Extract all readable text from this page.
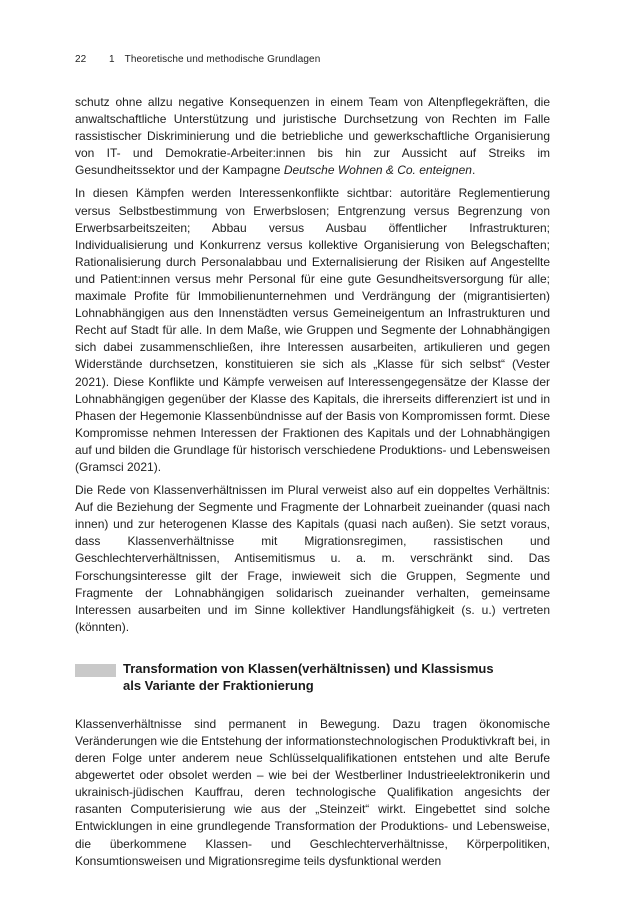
22	1 Theoretische und methodische Grundlagen

schutz ohne allzu negative Konsequenzen in einem Team von Altenpflegekräften, die anwaltschaftliche Unterstützung und juristische Durchsetzung von Rechten im Falle rassistischer Diskriminierung und die betriebliche und gewerkschaftliche Organisierung von IT- und Demokratie-Arbeiter:innen bis hin zur Aussicht auf Streiks im Gesundheitssektor und der Kampagne Deutsche Wohnen & Co. enteignen.

In diesen Kämpfen werden Interessenkonflikte sichtbar: autoritäre Reglementierung versus Selbstbestimmung von Erwerbslosen; Entgrenzung versus Begrenzung von Erwerbsarbeitszeiten; Abbau versus Ausbau öffentlicher Infrastrukturen; Individualisierung und Konkurrenz versus kollektive Organisierung von Belegschaften; Rationalisierung durch Personalabbau und Externalisierung der Risiken auf Angestellte und Patient:innen versus mehr Personal für eine gute Gesundheitsversorgung für alle; maximale Profite für Immobilienunternehmen und Verdrängung der (migrantisierten) Lohnabhängigen aus den Innenstädten versus Gemeineigentum an Infrastrukturen und Recht auf Stadt für alle. In dem Maße, wie Gruppen und Segmente der Lohnabhängigen sich dabei zusammenschließen, ihre Interessen ausarbeiten, artikulieren und gegen Widerstände durchsetzen, konstituieren sie sich als „Klasse für sich selbst“ (Vester 2021). Diese Konflikte und Kämpfe verweisen auf Interessengegensätze der Klasse der Lohnabhängigen gegenüber der Klasse des Kapitals, die ihrerseits differenziert ist und in Phasen der Hegemonie Klassenbündnisse auf der Basis von Kompromissen formt. Diese Kompromisse nehmen Interessen der Fraktionen des Kapitals und der Lohnabhängigen auf und bilden die Grundlage für historisch verschiedene Produktions- und Lebensweisen (Gramsci 2021).

Die Rede von Klassenverhältnissen im Plural verweist also auf ein doppeltes Verhältnis: Auf die Beziehung der Segmente und Fragmente der Lohnarbeit zueinander (quasi nach innen) und zur heterogenen Klasse des Kapitals (quasi nach außen). Sie setzt voraus, dass Klassenverhältnisse mit Migrationsregimen, rassistischen und Geschlechterverhältnissen, Antisemitismus u. a. m. verschränkt sind. Das Forschungsinteresse gilt der Frage, inwieweit sich die Gruppen, Segmente und Fragmente der Lohnabhängigen solidarisch zueinander verhalten, gemeinsame Interessen ausarbeiten und im Sinne kollektiver Handlungsfähigkeit (s. u.) vertreten (könnten).

Transformation von Klassen(verhältnissen) und Klassismus
als Variante der Fraktionierung

Klassenverhältnisse sind permanent in Bewegung. Dazu tragen ökonomische Veränderungen wie die Entstehung der informationstechnologischen Produktivkraft bei, in deren Folge unter anderem neue Schlüsselqualifikationen entstehen und alte Berufe abgewertet oder obsolet werden – wie bei der Westberliner Industrieelektronikerin und ukrainisch-jüdischen Kauffrau, deren technologische Qualifikation angesichts der rasanten Computerisierung wie aus der „Steinzeit“ wirkt. Eingebettet sind solche Entwicklungen in eine grundlegende Transformation der Produktions- und Lebensweise, die überkommene Klassen- und Geschlechterverhältnisse, Körperpolitiken, Konsumtionsweisen und Migrationsregime teils dysfunktional werden
